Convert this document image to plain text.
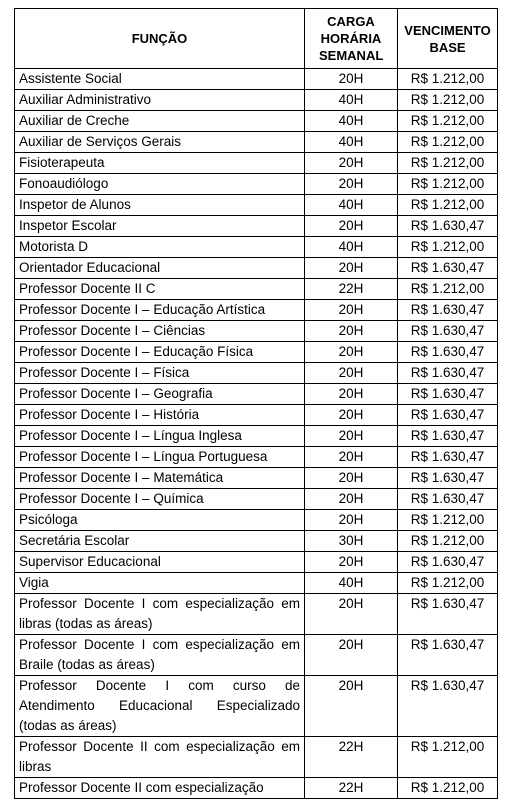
FUNÇÃO	CARGA HORÁRIA SEMANAL	VENCIMENTO BASE
Assistente Social	20H	R$ 1.212,00
Auxiliar Administrativo	40H	R$ 1.212,00
Auxiliar de Creche	40H	R$ 1.212,00
Auxiliar de Serviços Gerais	40H	R$ 1.212,00
Fisioterapeuta	20H	R$ 1.212,00
Fonoaudiólogo	20H	R$ 1.212,00
Inspetor de Alunos	40H	R$ 1.212,00
Inspetor Escolar	20H	R$ 1.630,47
Motorista D	40H	R$ 1.212,00
Orientador Educacional	20H	R$ 1.630,47
Professor Docente II C	22H	R$ 1.212,00
Professor Docente I – Educação Artística	20H	R$ 1.630,47
Professor Docente I – Ciências	20H	R$ 1.630,47
Professor Docente I – Educação Física	20H	R$ 1.630,47
Professor Docente I – Física	20H	R$ 1.630,47
Professor Docente I – Geografia	20H	R$ 1.630,47
Professor Docente I – História	20H	R$ 1.630,47
Professor Docente I – Língua Inglesa	20H	R$ 1.630,47
Professor Docente I – Língua Portuguesa	20H	R$ 1.630,47
Professor Docente I – Matemática	20H	R$ 1.630,47
Professor Docente I – Química	20H	R$ 1.630,47
Psicóloga	20H	R$ 1.212,00
Secretária Escolar	30H	R$ 1.212,00
Supervisor Educacional	20H	R$ 1.630,47
Vigia	40H	R$ 1.212,00
Professor Docente I com especialização em libras (todas as áreas)	20H	R$ 1.630,47
Professor Docente I com especialização em Braile (todas as áreas)	20H	R$ 1.630,47
Professor Docente I com curso de Atendimento Educacional Especializado (todas as áreas)	20H	R$ 1.630,47
Professor Docente II com especialização em libras	22H	R$ 1.212,00
Professor Docente II com especialização	22H	R$ 1.212,00
